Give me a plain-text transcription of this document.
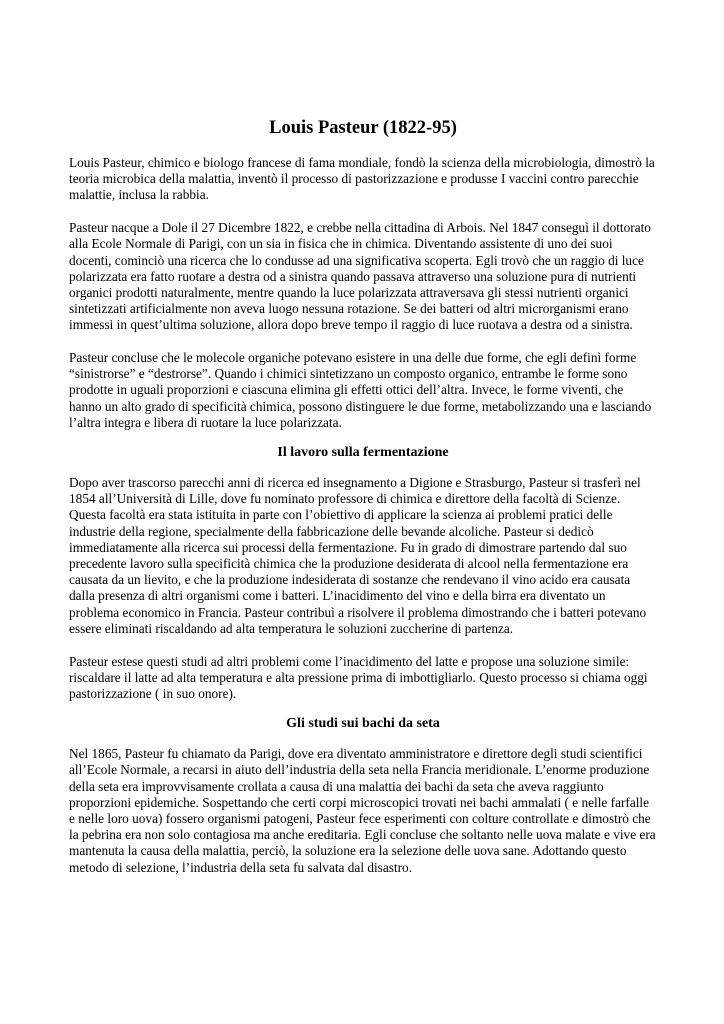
Louis Pasteur (1822-95)

Louis Pasteur, chimico e biologo francese di fama mondiale, fondò la scienza della microbiologia, dimostrò la teoria microbica della malattia, inventò il processo di pastorizzazione e produsse I vaccini contro parecchie malattie, inclusa la rabbia.

Pasteur nacque a Dole il 27 Dicembre 1822, e crebbe nella cittadina di Arbois. Nel 1847 conseguì il dottorato alla Ecole Normale di Parigi, con un sia in fisica che in chimica. Diventando assistente di uno dei suoi docenti, cominciò una ricerca che lo condusse ad una significativa scoperta. Egli trovò che un raggio di luce polarizzata era fatto ruotare a destra od a sinistra quando passava attraverso una soluzione pura di nutrienti organici prodotti naturalmente, mentre quando la luce polarizzata attraversava gli stessi nutrienti organici sintetizzati artificialmente non aveva luogo nessuna rotazione. Se dei batteri od altri microrganismi erano immessi in quest’ultima soluzione, allora dopo breve tempo il raggio di luce ruotava a destra od a sinistra.

Pasteur concluse che le molecole organiche potevano esistere in una delle due forme, che egli definì forme “sinistrorse” e “destrorse”. Quando i chimici sintetizzano un composto organico, entrambe le forme sono prodotte in uguali proporzioni e ciascuna elimina gli effetti ottici dell’altra. Invece, le forme viventi, che hanno un alto grado di specificità chimica, possono distinguere le due forme, metabolizzando una e lasciando l’altra integra e libera di ruotare la luce polarizzata.

Il lavoro sulla fermentazione

Dopo aver trascorso parecchi anni di ricerca ed insegnamento a Digione e Strasburgo, Pasteur si trasferì nel 1854 all’Università di Lille, dove fu nominato professore di chimica e direttore della facoltà di Scienze. Questa facoltà era stata istituita in parte con l’obiettivo di applicare la scienza ai problemi pratici delle industrie della regione, specialmente della fabbricazione delle bevande alcoliche. Pasteur si dedicò immediatamente alla ricerca sui processi della fermentazione. Fu in grado di dimostrare partendo dal suo precedente lavoro sulla specificità chimica che la produzione desiderata di alcool nella fermentazione era causata da un lievito, e che la produzione indesiderata di sostanze che rendevano il vino acido era causata dalla presenza di altri organismi come i batteri. L’inacidimento del vino e della birra era diventato un problema economico in Francia. Pasteur contribuì a risolvere il problema dimostrando che i batteri potevano essere eliminati riscaldando ad alta temperatura le soluzioni zuccherine di partenza.

Pasteur estese questi studi ad altri problemi come l’inacidimento del latte e propose una soluzione simile: riscaldare il latte ad alta temperatura e alta pressione prima di imbottigliarlo. Questo processo si chiama oggi pastorizzazione ( in suo onore).

Gli studi sui bachi da seta

Nel 1865, Pasteur fu chiamato da Parigi, dove era diventato amministratore e direttore degli studi scientifici all’Ecole Normale, a recarsi in aiuto dell’industria della seta nella Francia meridionale. L’enorme produzione della seta era improvvisamente crollata a causa di una malattia dei bachi da seta che aveva raggiunto proporzioni epidemiche. Sospettando che certi corpi microscopici trovati nei bachi ammalati ( e nelle farfalle e nelle loro uova) fossero organismi patogeni, Pasteur fece esperimenti con colture controllate e dimostrò che la pebrina era non solo contagiosa ma anche ereditaria. Egli concluse che soltanto nelle uova malate e vive era mantenuta la causa della malattia, perciò, la soluzione era la selezione delle uova sane. Adottando questo metodo di selezione, l’industria della seta fu salvata dal disastro.
